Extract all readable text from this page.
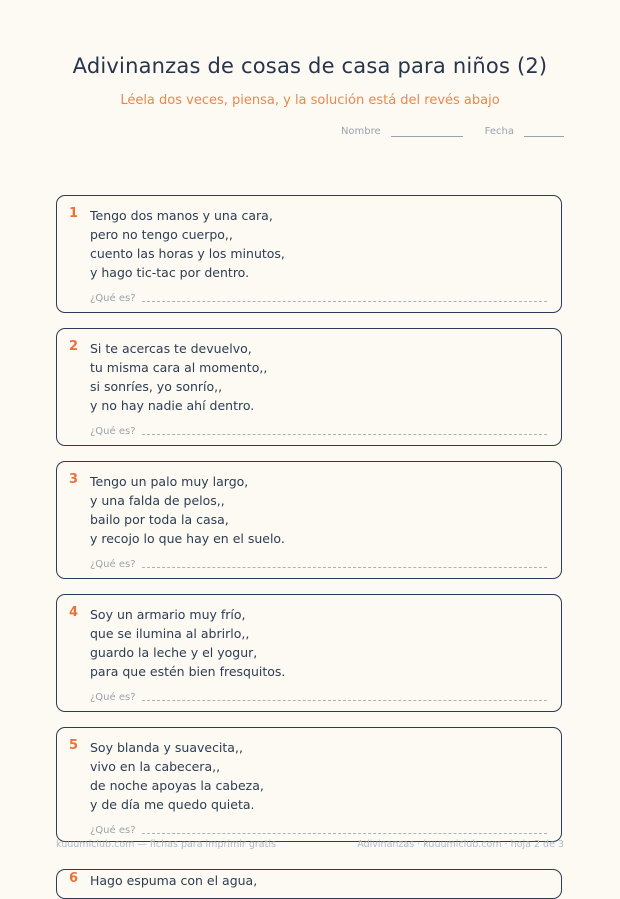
Adivinanzas de cosas de casa para niños (2)
Léela dos veces, piensa, y la solución está del revés abajo
Nombre	Fecha
1 Tengo dos manos y una cara,
pero no tengo cuerpo,,
cuento las horas y los minutos,
y hago tic-tac por dentro.
¿Qué es?
2 Si te acercas te devuelvo,
tu misma cara al momento,,
si sonríes, yo sonrío,,
y no hay nadie ahí dentro.
¿Qué es?
3 Tengo un palo muy largo,
y una falda de pelos,,
bailo por toda la casa,
y recojo lo que hay en el suelo.
¿Qué es?
4 Soy un armario muy frío,
que se ilumina al abrirlo,,
guardo la leche y el yogur,
para que estén bien fresquitos.
¿Qué es?
5 Soy blanda y suavecita,,
vivo en la cabecera,,
de noche apoyas la cabeza,
y de día me quedo quieta.
¿Qué es?
kuuumiclub.com — fichas para imprimir gratis	Adivinanzas · kuuumiclub.com · hoja 2 de 3
6 Hago espuma con el agua,
